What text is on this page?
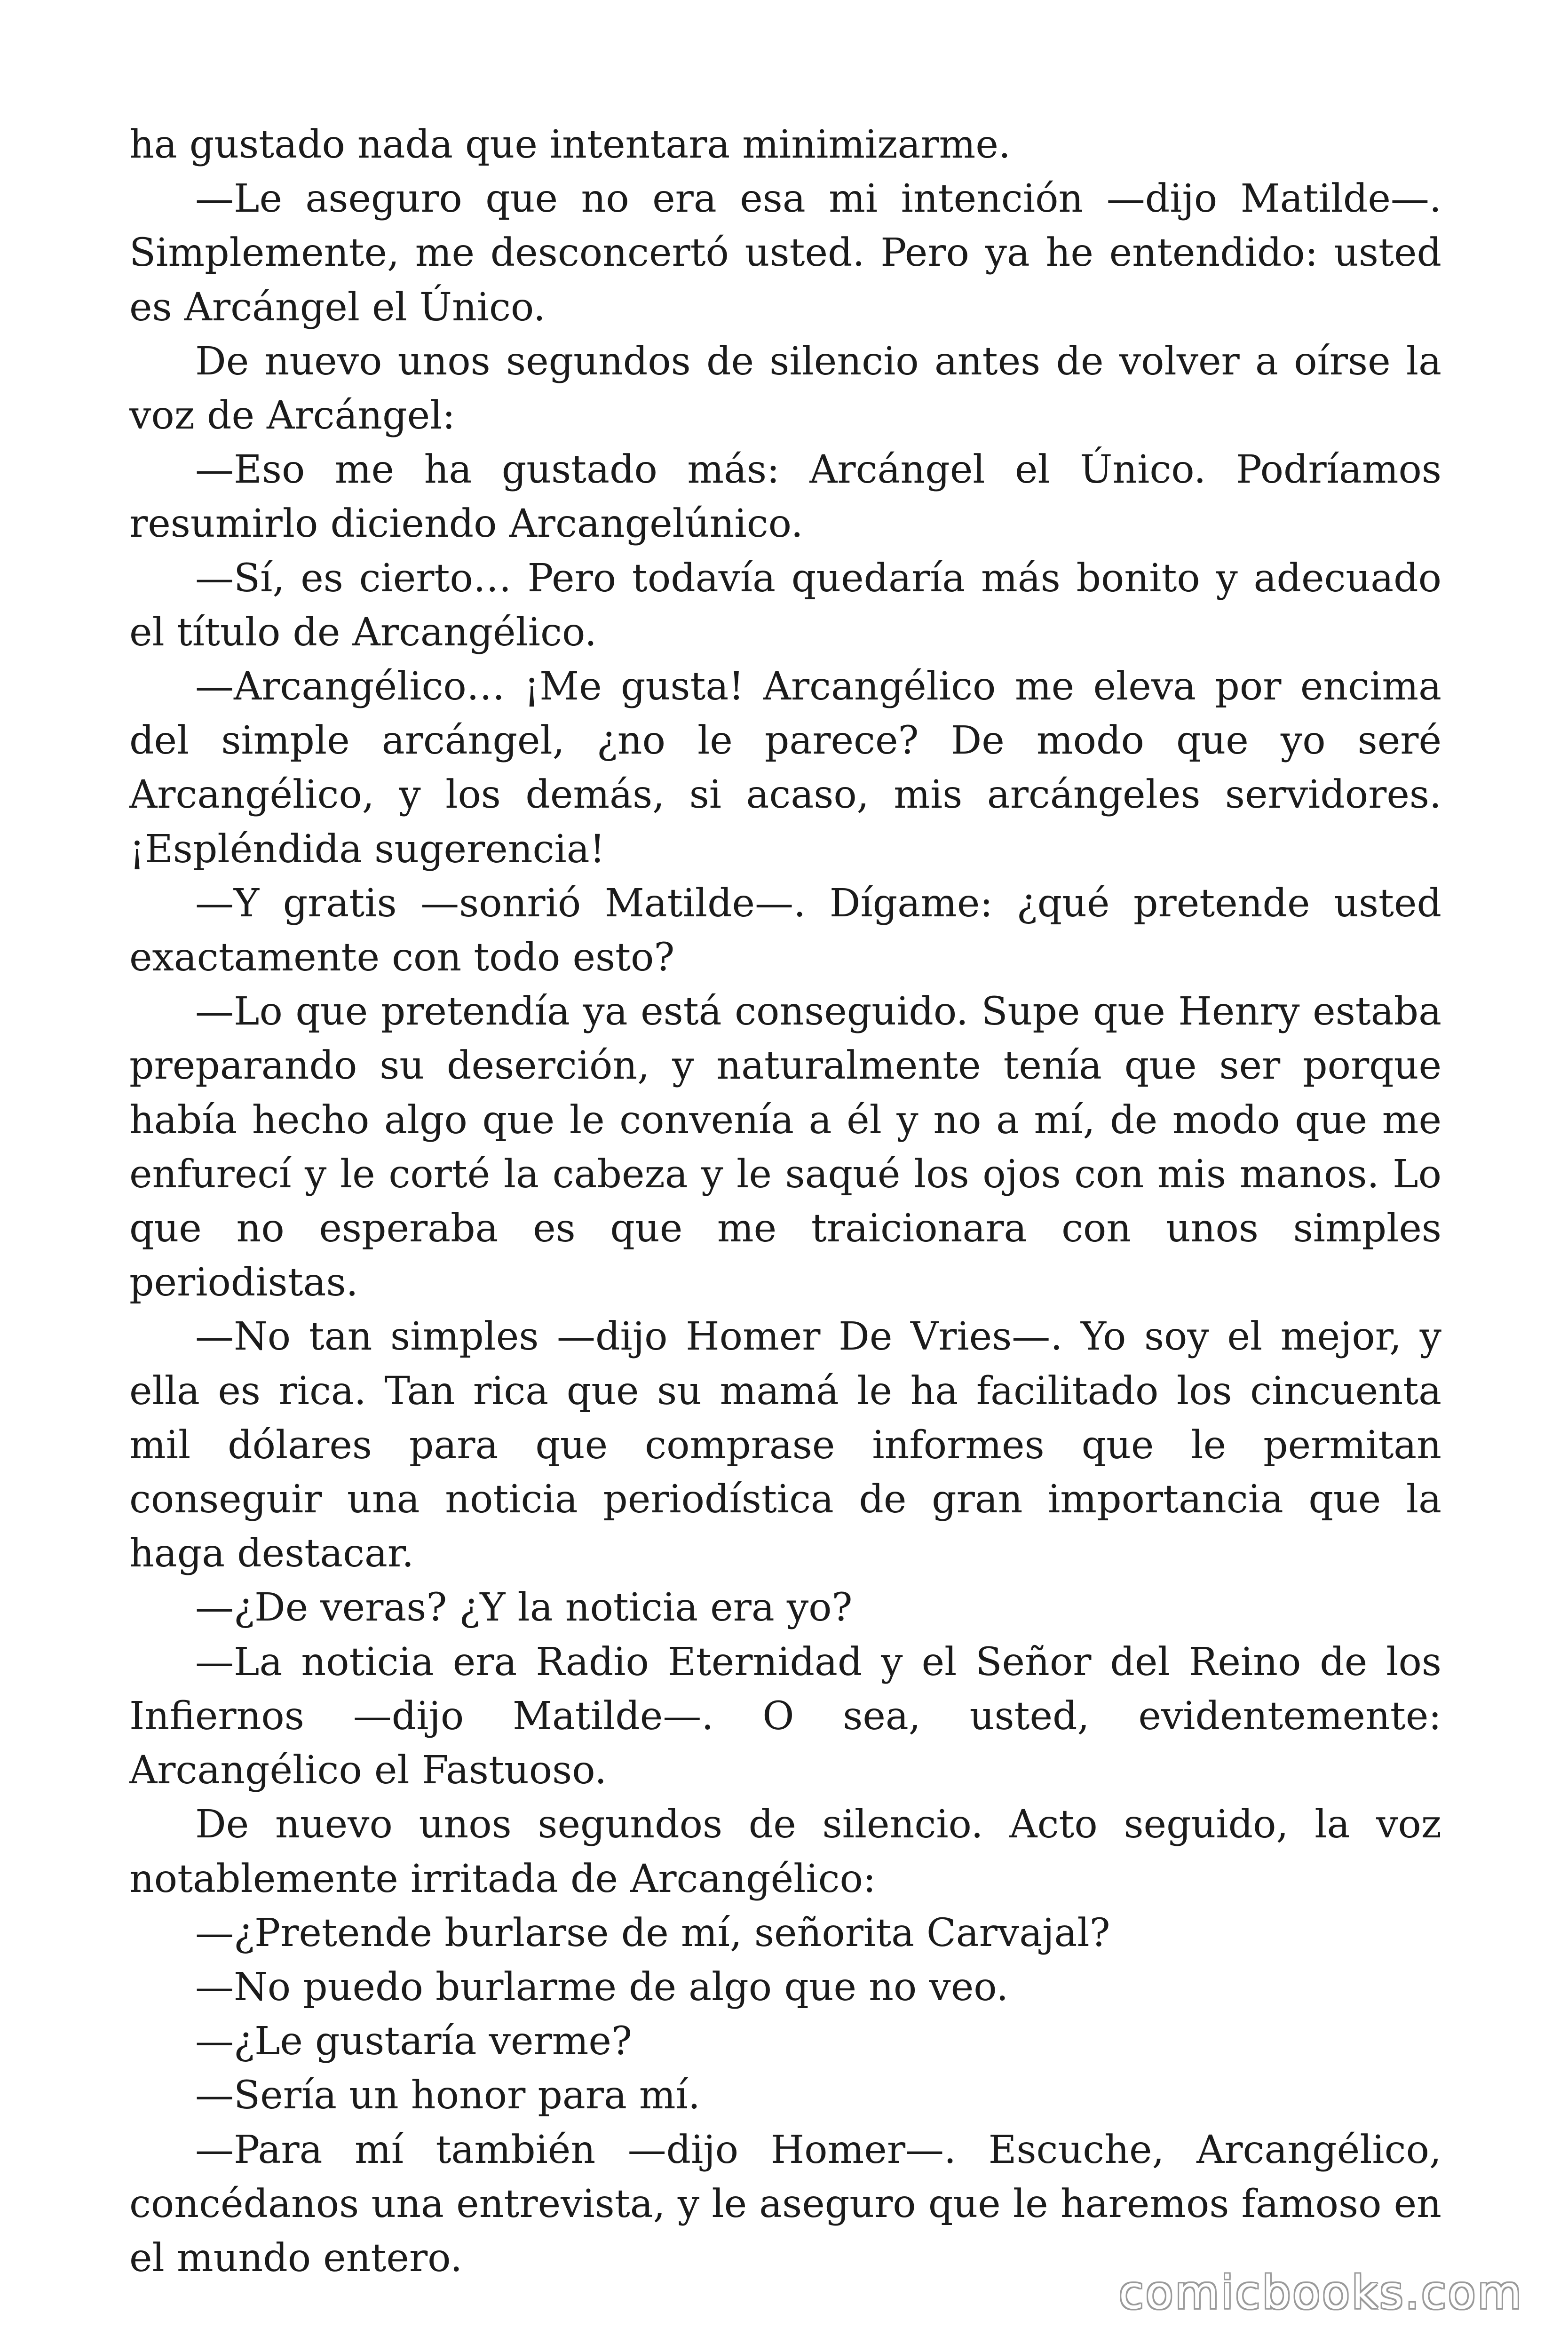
ha gustado nada que intentara minimizarme.

—Le aseguro que no era esa mi intención —dijo Matilde—. Simplemente, me desconcertó usted. Pero ya he entendido: usted es Arcángel el Único.

De nuevo unos segundos de silencio antes de volver a oírse la voz de Arcángel:

—Eso me ha gustado más: Arcángel el Único. Podríamos resumirlo diciendo Arcangelúnico.

—Sí, es cierto… Pero todavía quedaría más bonito y adecuado el título de Arcangélico.

—Arcangélico… ¡Me gusta! Arcangélico me eleva por encima del simple arcángel, ¿no le parece? De modo que yo seré Arcangélico, y los demás, si acaso, mis arcángeles servidores. ¡Espléndida sugerencia!

—Y gratis —sonrió Matilde—. Dígame: ¿qué pretende usted exactamente con todo esto?

—Lo que pretendía ya está conseguido. Supe que Henry estaba preparando su deserción, y naturalmente tenía que ser porque había hecho algo que le convenía a él y no a mí, de modo que me enfurecí y le corté la cabeza y le saqué los ojos con mis manos. Lo que no esperaba es que me traicionara con unos simples periodistas.

—No tan simples —dijo Homer De Vries—. Yo soy el mejor, y ella es rica. Tan rica que su mamá le ha facilitado los cincuenta mil dólares para que comprase informes que le permitan conseguir una noticia periodística de gran importancia que la haga destacar.

—¿De veras? ¿Y la noticia era yo?

—La noticia era Radio Eternidad y el Señor del Reino de los Infiernos —dijo Matilde—. O sea, usted, evidentemente: Arcangélico el Fastuoso.

De nuevo unos segundos de silencio. Acto seguido, la voz notablemente irritada de Arcangélico:

—¿Pretende burlarse de mí, señorita Carvajal?

—No puedo burlarme de algo que no veo.

—¿Le gustaría verme?

—Sería un honor para mí.

—Para mí también —dijo Homer—. Escuche, Arcangélico, concédanos una entrevista, y le aseguro que le haremos famoso en el mundo entero.

comicbooks.com
